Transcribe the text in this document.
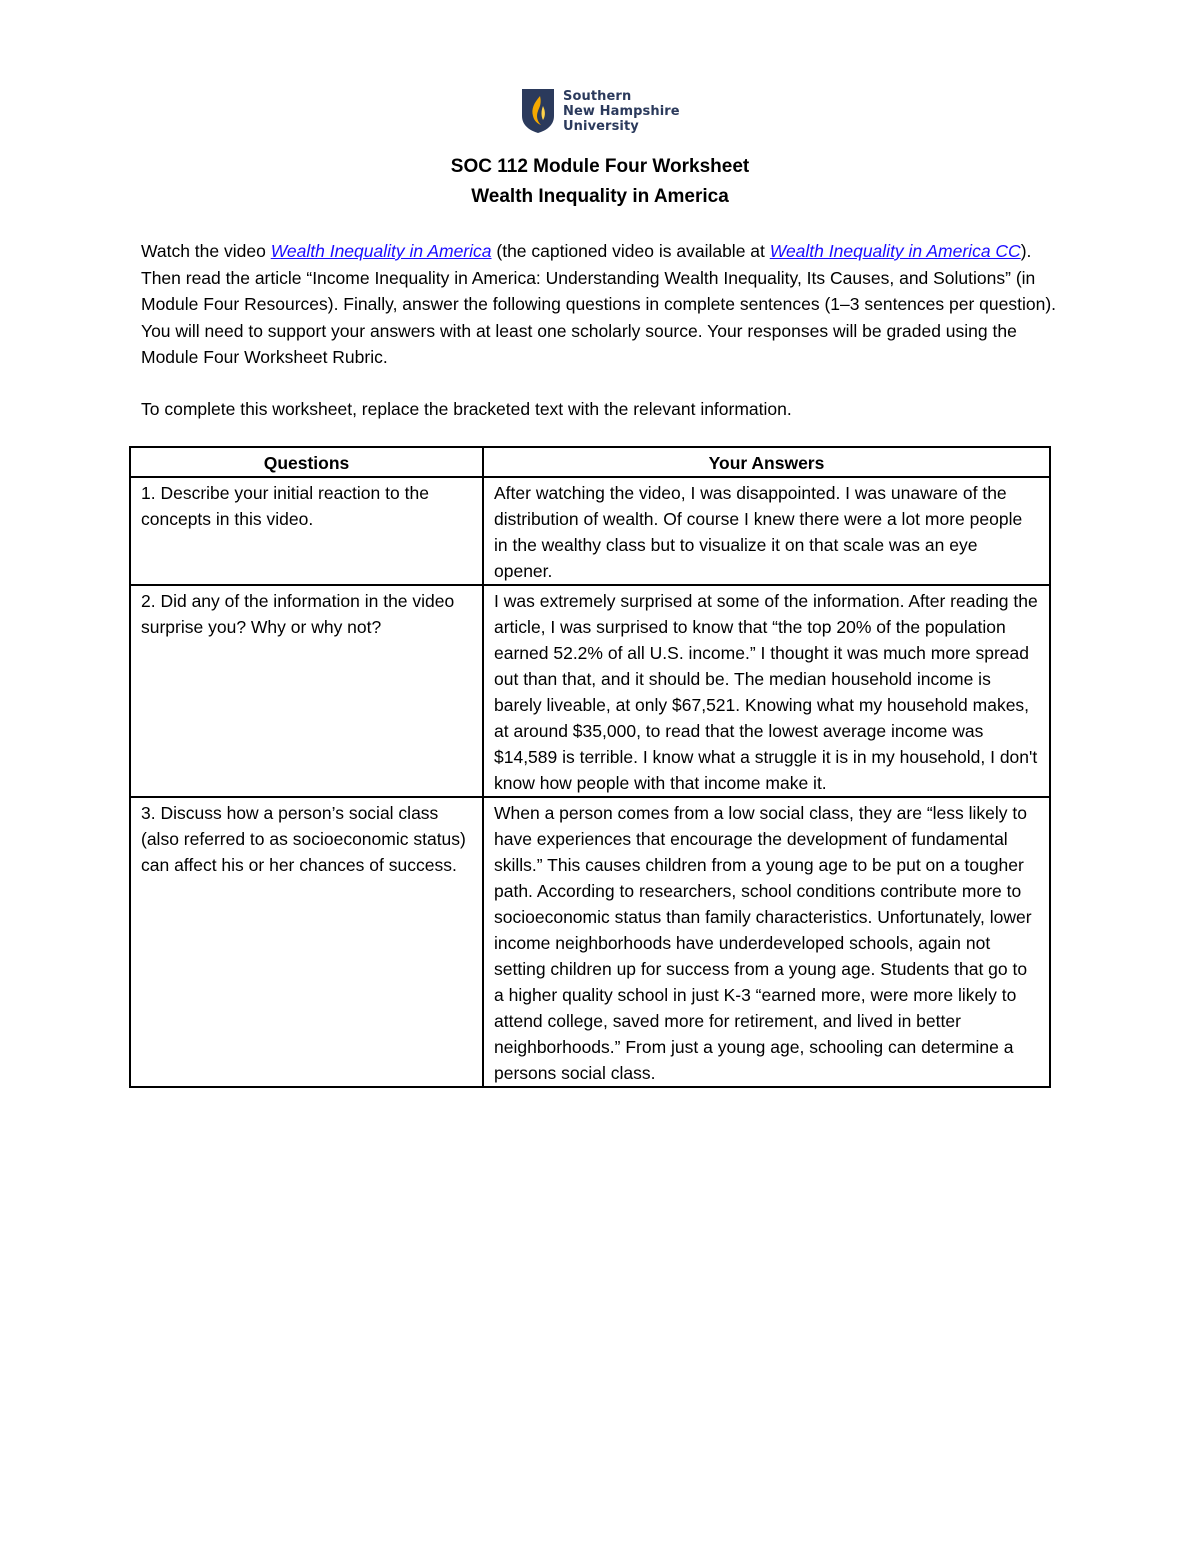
Southern
New Hampshire
University
SOC 112 Module Four Worksheet
Wealth Inequality in America
Watch the video Wealth Inequality in America (the captioned video is available at Wealth Inequality in America CC). Then read the article “Income Inequality in America: Understanding Wealth Inequality, Its Causes, and Solutions” (in Module Four Resources). Finally, answer the following questions in complete sentences (1–3 sentences per question). You will need to support your answers with at least one scholarly source. Your responses will be graded using the Module Four Worksheet Rubric.
To complete this worksheet, replace the bracketed text with the relevant information.
Questions	Your Answers
1. Describe your initial reaction to the concepts in this video.	After watching the video, I was disappointed. I was unaware of the distribution of wealth. Of course I knew there were a lot more people in the wealthy class but to visualize it on that scale was an eye opener.
2. Did any of the information in the video surprise you? Why or why not?	I was extremely surprised at some of the information. After reading the article, I was surprised to know that “the top 20% of the population earned 52.2% of all U.S. income.” I thought it was much more spread out than that, and it should be. The median household income is barely liveable, at only $67,521. Knowing what my household makes, at around $35,000, to read that the lowest average income was $14,589 is terrible. I know what a struggle it is in my household, I don't know how people with that income make it.
3. Discuss how a person’s social class (also referred to as socioeconomic status) can affect his or her chances of success.	When a person comes from a low social class, they are “less likely to have experiences that encourage the development of fundamental skills.” This causes children from a young age to be put on a tougher path. According to researchers, school conditions contribute more to socioeconomic status than family characteristics. Unfortunately, lower income neighborhoods have underdeveloped schools, again not setting children up for success from a young age. Students that go to a higher quality school in just K-3 “earned more, were more likely to attend college, saved more for retirement, and lived in better neighborhoods.” From just a young age, schooling can determine a persons social class.
